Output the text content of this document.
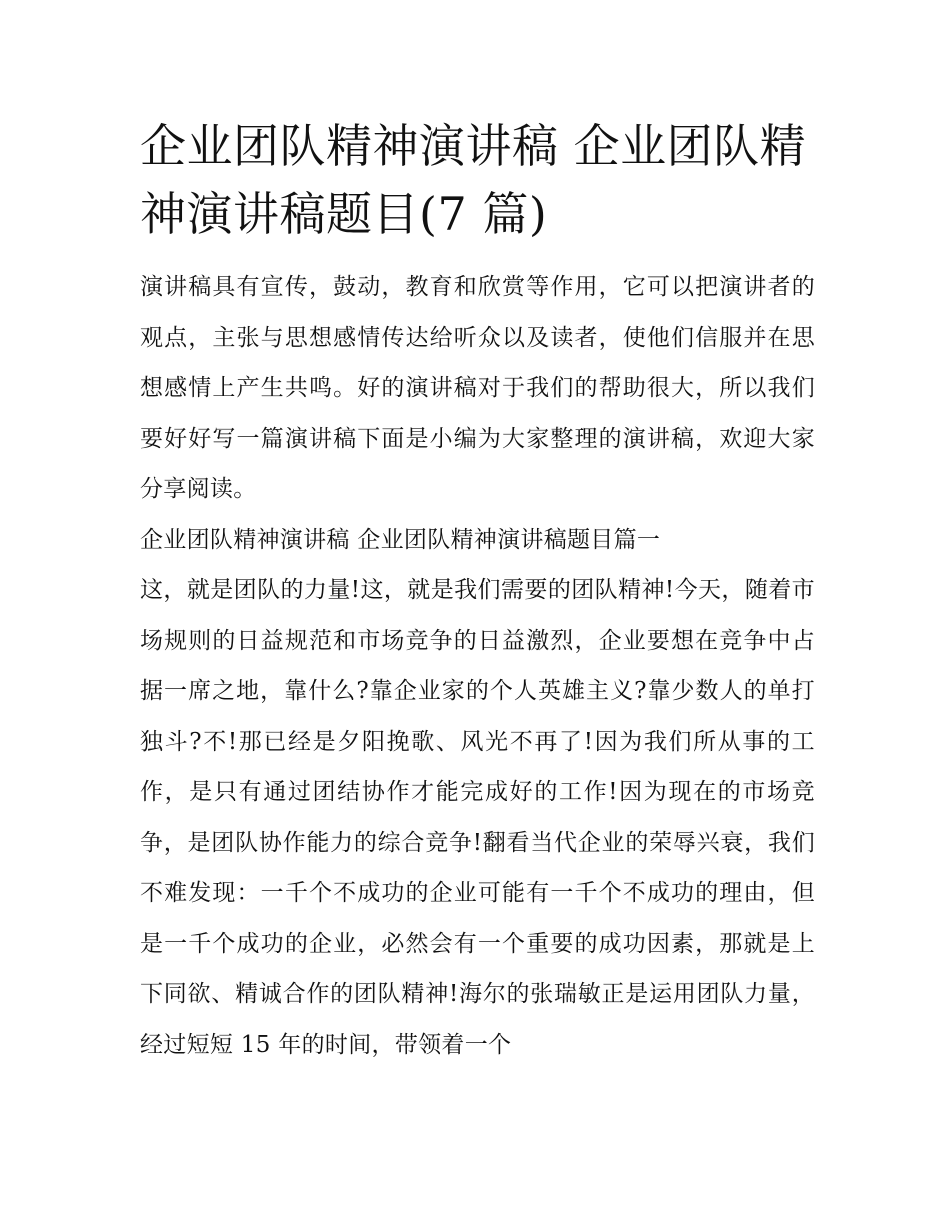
企业团队精神演讲稿 企业团队精神演讲稿题目(7 篇)

演讲稿具有宣传，鼓动，教育和欣赏等作用，它可以把演讲者的观点，主张与思想感情传达给听众以及读者，使他们信服并在思想感情上产生共鸣。好的演讲稿对于我们的帮助很大，所以我们要好好写一篇演讲稿下面是小编为大家整理的演讲稿，欢迎大家分享阅读。

企业团队精神演讲稿 企业团队精神演讲稿题目篇一

这，就是团队的力量!这，就是我们需要的团队精神!今天，随着市场规则的日益规范和市场竞争的日益激烈，企业要想在竞争中占据一席之地，靠什么?靠企业家的个人英雄主义?靠少数人的单打独斗?不!那已经是夕阳挽歌、风光不再了!因为我们所从事的工作，是只有通过团结协作才能完成好的工作!因为现在的市场竞争，是团队协作能力的综合竞争!翻看当代企业的荣辱兴衰，我们不难发现：一千个不成功的企业可能有一千个不成功的理由，但是一千个成功的企业，必然会有一个重要的成功因素，那就是上下同欲、精诚合作的团队精神!海尔的张瑞敏正是运用团队力量，经过短短 15 年的时间，带领着一个
